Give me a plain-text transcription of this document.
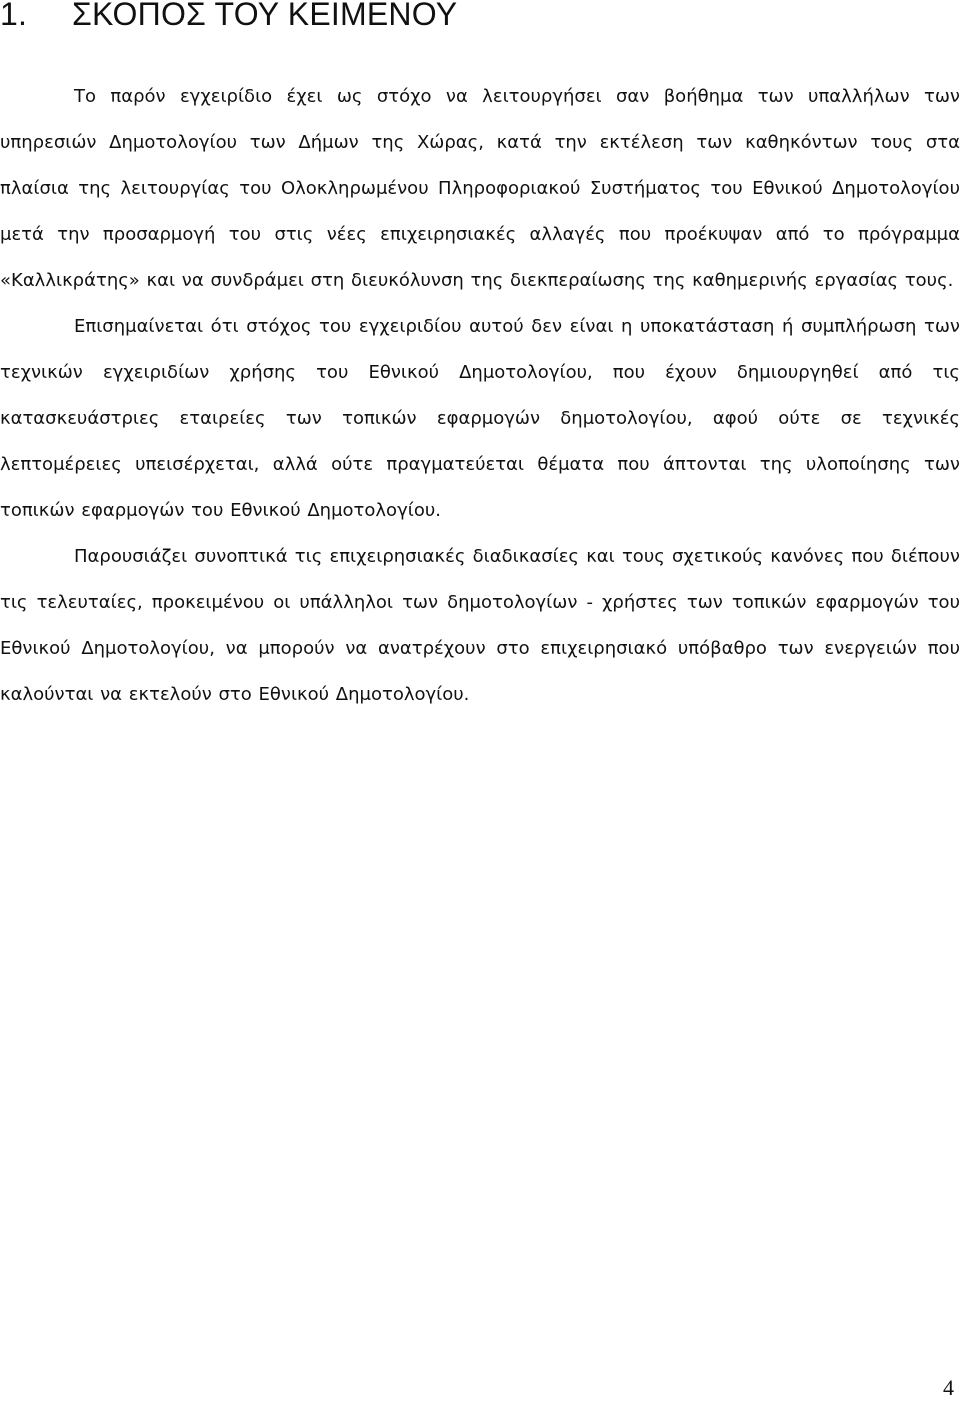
1. ΣΚΟΠΟΣ ΤΟΥ ΚΕΙΜΕΝΟΥ

Το παρόν εγχειρίδιο έχει ως στόχο να λειτουργήσει σαν βοήθημα των υπαλλήλων των υπηρεσιών Δημοτολογίου των Δήμων της Χώρας, κατά την εκτέλεση των καθηκόντων τους στα πλαίσια της λειτουργίας του Ολοκληρωμένου Πληροφοριακού Συστήματος του Εθνικού Δημοτολογίου μετά την προσαρμογή του στις νέες επιχειρησιακές αλλαγές που προέκυψαν από το πρόγραμμα «Καλλικράτης» και να συνδράμει στη διευκόλυνση της διεκπεραίωσης της καθημερινής εργασίας τους.

Επισημαίνεται ότι στόχος του εγχειριδίου αυτού δεν είναι η υποκατάσταση ή συμπλήρωση των τεχνικών εγχειριδίων χρήσης του Εθνικού Δημοτολογίου, που έχουν δημιουργηθεί από τις κατασκευάστριες εταιρείες των τοπικών εφαρμογών δημοτολογίου, αφού ούτε σε τεχνικές λεπτομέρειες υπεισέρχεται, αλλά ούτε πραγματεύεται θέματα που άπτονται της υλοποίησης των τοπικών εφαρμογών του Εθνικού Δημοτολογίου.

Παρουσιάζει συνοπτικά τις επιχειρησιακές διαδικασίες και τους σχετικούς κανόνες που διέπουν τις τελευταίες, προκειμένου οι υπάλληλοι των δημοτολογίων - χρήστες των τοπικών εφαρμογών του Εθνικού Δημοτολογίου, να μπορούν να ανατρέχουν στο επιχειρησιακό υπόβαθρο των ενεργειών που καλούνται να εκτελούν στο Εθνικού Δημοτολογίου.

4
